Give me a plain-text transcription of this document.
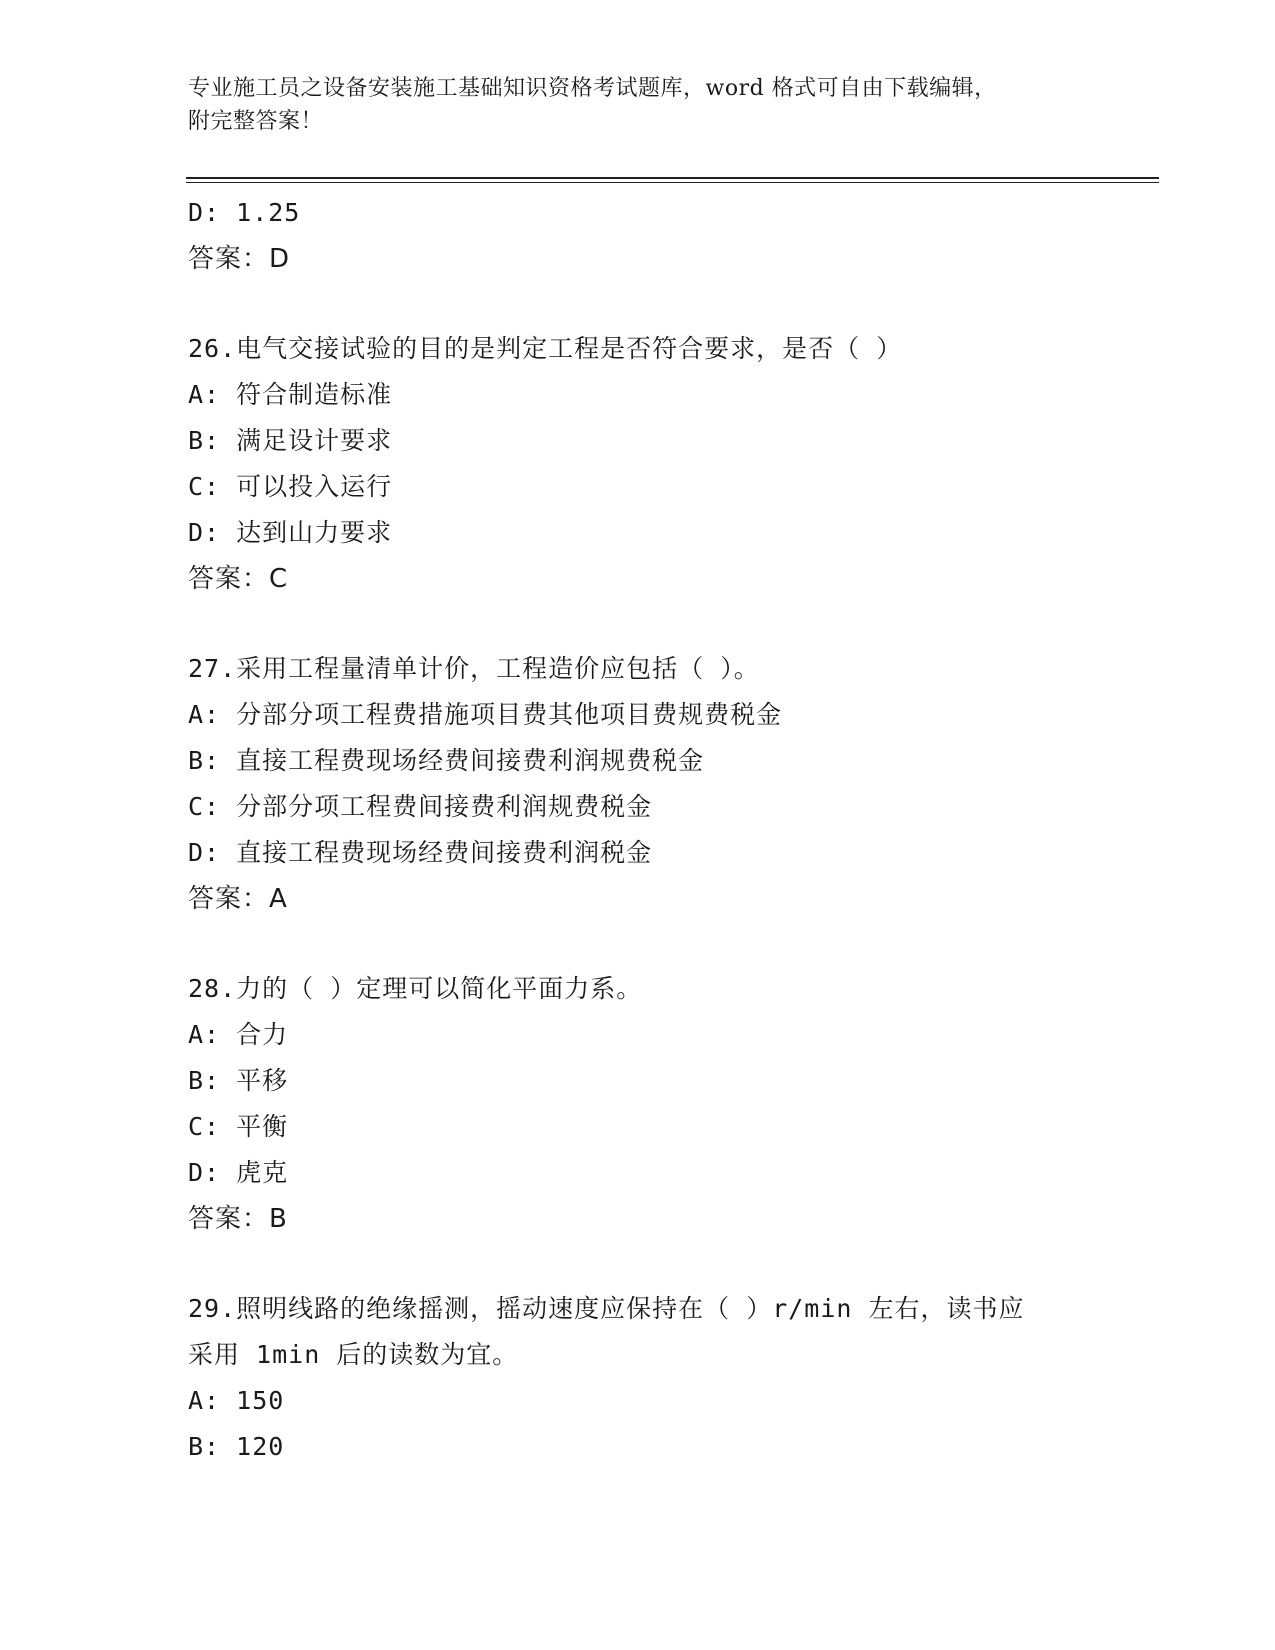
专业施工员之设备安装施工基础知识资格考试题库，word 格式可自由下载编辑，
附完整答案！
D: 1.25
答案：D
26.电气交接试验的目的是判定工程是否符合要求，是否（ ）
A: 符合制造标准
B: 满足设计要求
C: 可以投入运行
D: 达到山力要求
答案：C
27.采用工程量清单计价，工程造价应包括（ ）。
A: 分部分项工程费措施项目费其他项目费规费税金
B: 直接工程费现场经费间接费利润规费税金
C: 分部分项工程费间接费利润规费税金
D: 直接工程费现场经费间接费利润税金
答案：A
28.力的（ ）定理可以简化平面力系。
A: 合力
B: 平移
C: 平衡
D: 虎克
答案：B
29.照明线路的绝缘摇测，摇动速度应保持在（ ）r/min 左右，读书应
采用 1min 后的读数为宜。
A: 150
B: 120
